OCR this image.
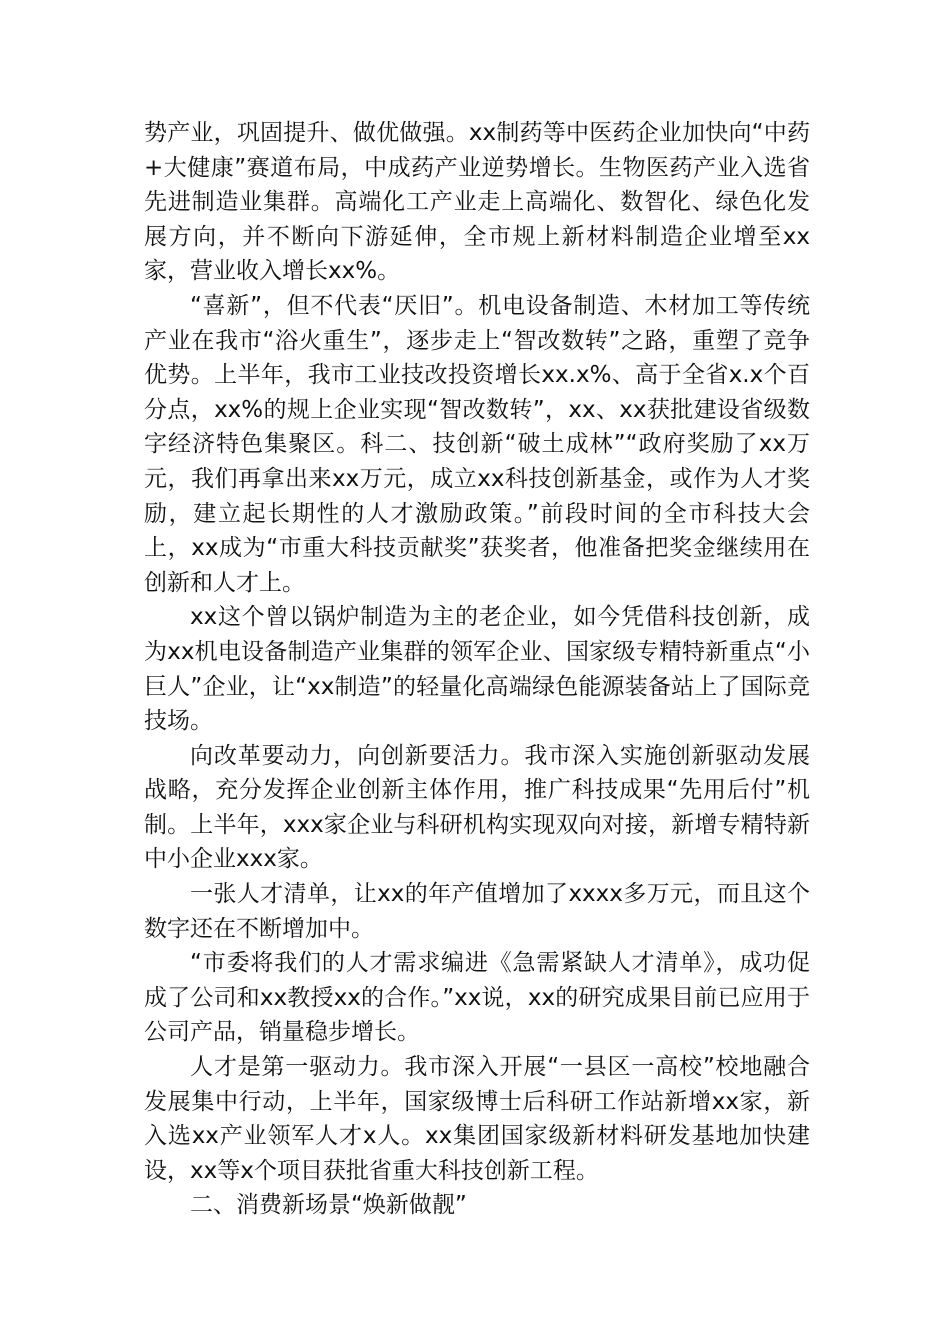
势产业，巩固提升、做优做强。xx制药等中医药企业加快向“中药+大健康”赛道布局，中成药产业逆势增长。生物医药产业入选省先进制造业集群。高端化工产业走上高端化、数智化、绿色化发展方向，并不断向下游延伸，全市规上新材料制造企业增至xx家，营业收入增长xx%。

“喜新”，但不代表“厌旧”。机电设备制造、木材加工等传统产业在我市“浴火重生”，逐步走上“智改数转”之路，重塑了竞争优势。上半年，我市工业技改投资增长xx.x%、高于全省x.x个百分点，xx%的规上企业实现“智改数转”，xx、xx获批建设省级数字经济特色集聚区。科二、技创新“破土成林”“政府奖励了xx万元，我们再拿出来xx万元，成立xx科技创新基金，或作为人才奖励，建立起长期性的人才激励政策。”前段时间的全市科技大会上，xx成为“市重大科技贡献奖”获奖者，他准备把奖金继续用在创新和人才上。

xx这个曾以锅炉制造为主的老企业，如今凭借科技创新，成为xx机电设备制造产业集群的领军企业、国家级专精特新重点“小巨人”企业，让“xx制造”的轻量化高端绿色能源装备站上了国际竞技场。

向改革要动力，向创新要活力。我市深入实施创新驱动发展战略，充分发挥企业创新主体作用，推广科技成果“先用后付”机制。上半年，xxx家企业与科研机构实现双向对接，新增专精特新中小企业xxx家。

一张人才清单，让xx的年产值增加了xxxx多万元，而且这个数字还在不断增加中。

“市委将我们的人才需求编进《急需紧缺人才清单》，成功促成了公司和xx教授xx的合作。”xx说，xx的研究成果目前已应用于公司产品，销量稳步增长。

人才是第一驱动力。我市深入开展“一县区一高校”校地融合发展集中行动，上半年，国家级博士后科研工作站新增xx家，新入选xx产业领军人才x人。xx集团国家级新材料研发基地加快建设，xx等x个项目获批省重大科技创新工程。

二、消费新场景“焕新做靓”
